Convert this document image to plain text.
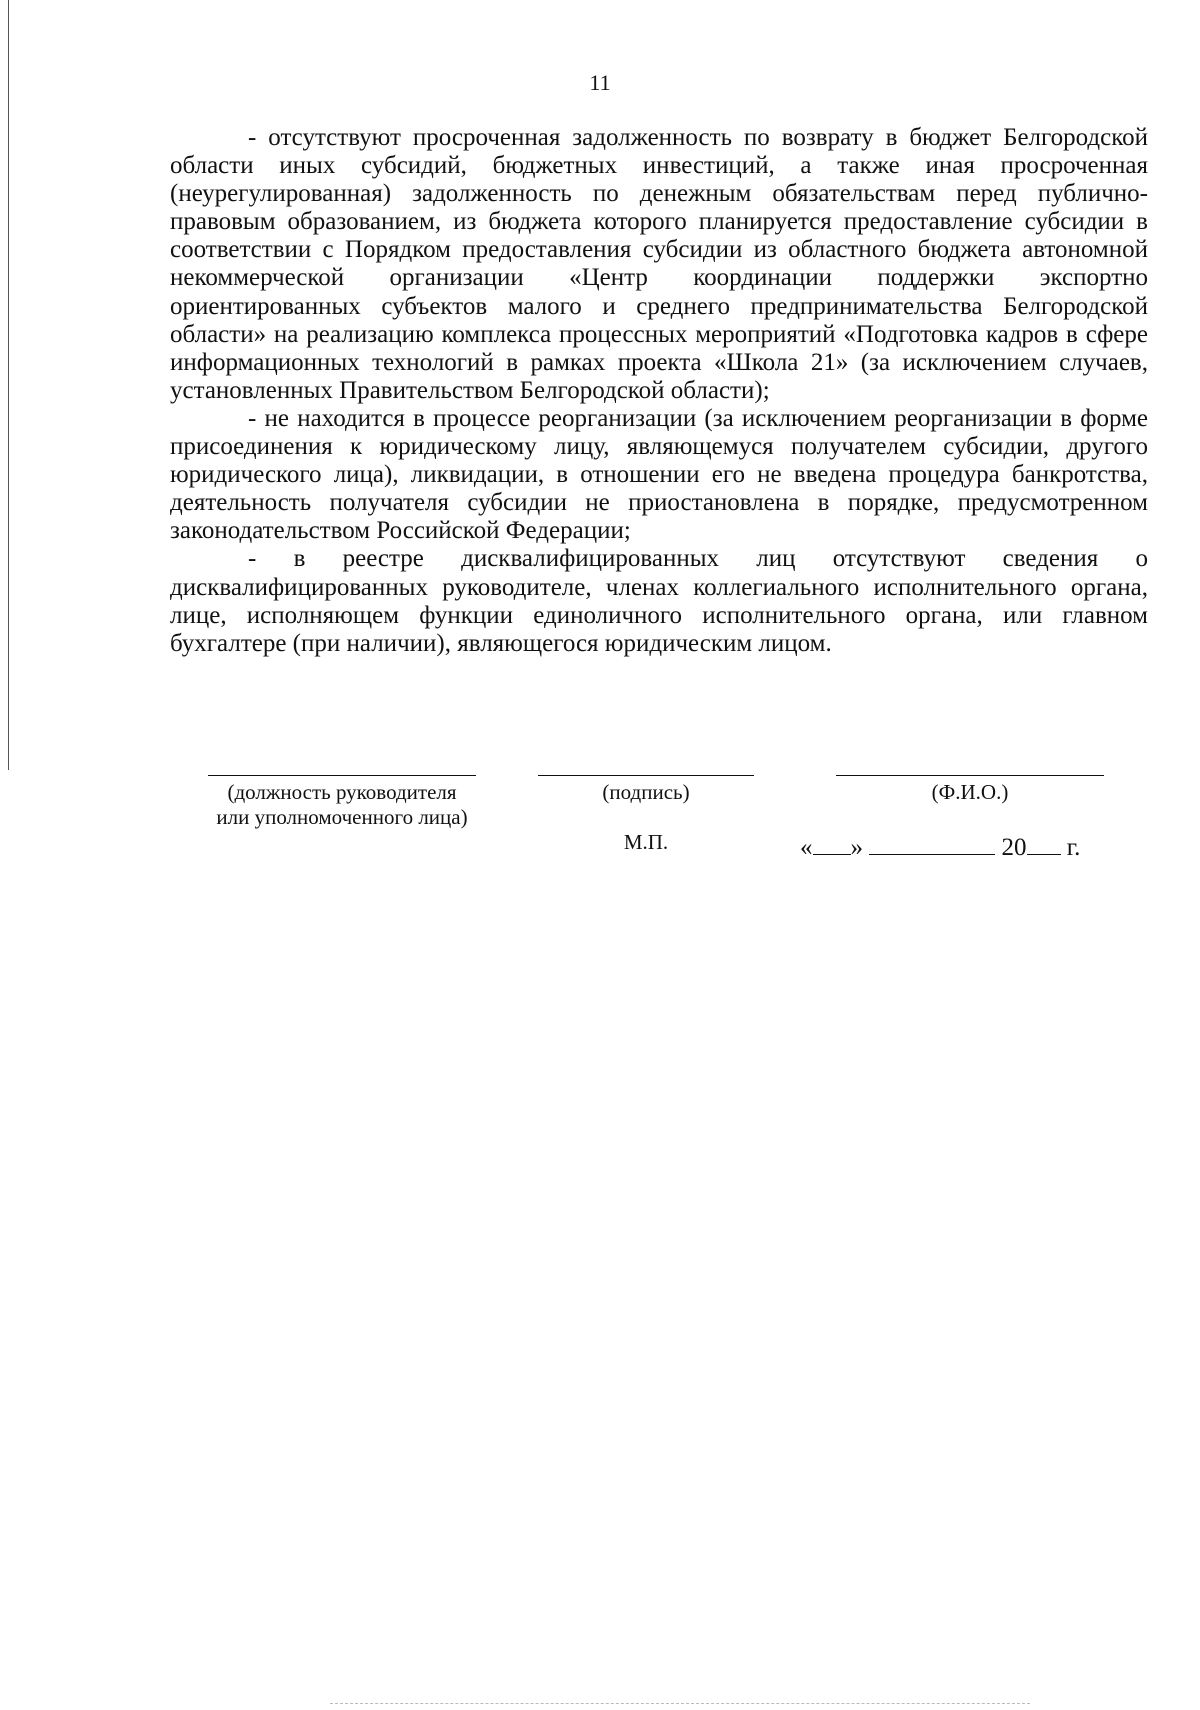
11

- отсутствуют просроченная задолженность по возврату в бюджет Белгородской области иных субсидий, бюджетных инвестиций, а также иная просроченная (неурегулированная) задолженность по денежным обязательствам перед публично-правовым образованием, из бюджета которого планируется предоставление субсидии в соответствии с Порядком предоставления субсидии из областного бюджета автономной некоммерческой организации «Центр координации поддержки экспортно ориентированных субъектов малого и среднего предпринимательства Белгородской области» на реализацию комплекса процессных мероприятий «Подготовка кадров в сфере информационных технологий в рамках проекта «Школа 21» (за исключением случаев, установленных Правительством Белгородской области);

- не находится в процессе реорганизации (за исключением реорганизации в форме присоединения к юридическому лицу, являющемуся получателем субсидии, другого юридического лица), ликвидации, в отношении его не введена процедура банкротства, деятельность получателя субсидии не приостановлена в порядке, предусмотренном законодательством Российской Федерации;

- в реестре дисквалифицированных лиц отсутствуют сведения о дисквалифицированных руководителе, членах коллегиального исполнительного органа, лице, исполняющем функции единоличного исполнительного органа, или главном бухгалтере (при наличии), являющегося юридическим лицом.

(должность руководителя
или уполномоченного лица)
(подпись)	(Ф.И.О.)
М.П.	« »	20 г.
